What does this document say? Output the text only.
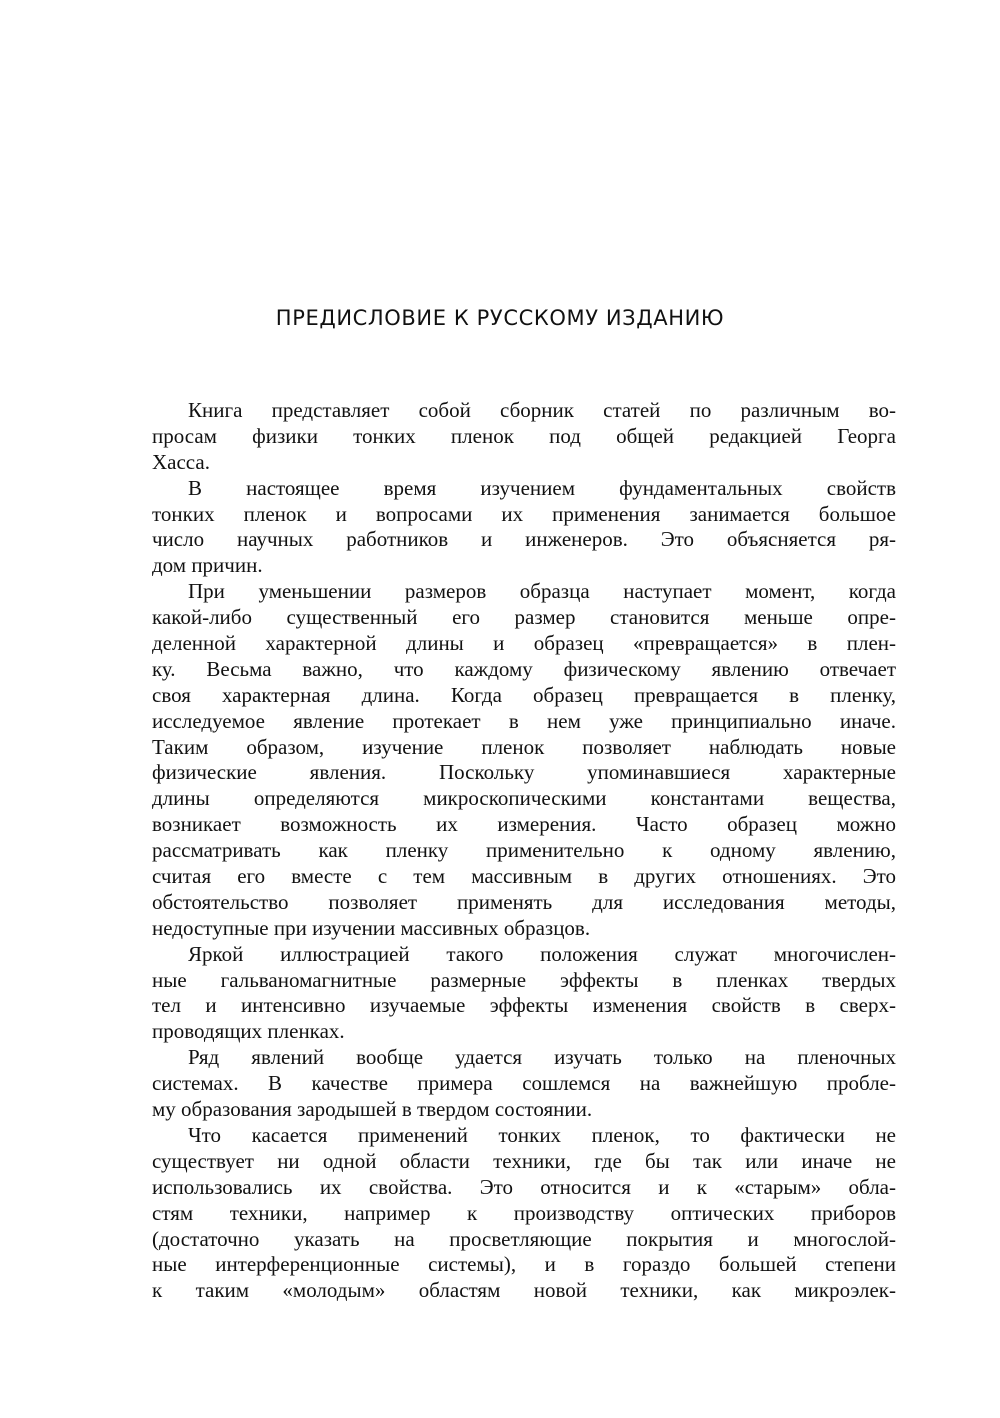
ПРЕДИСЛОВИЕ К РУССКОМУ ИЗДАНИЮ
Книга представляет собой сборник статей по различным во-
просам физики тонких пленок под общей редакцией Георга
Хасса.
В настоящее время изучением фундаментальных свойств
тонких пленок и вопросами их применения занимается большое
число научных работников и инженеров. Это объясняется ря-
дом причин.
При уменьшении размеров образца наступает момент, когда
какой-либо существенный его размер становится меньше опре-
деленной характерной длины и образец «превращается» в плен-
ку. Весьма важно, что каждому физическому явлению отвечает
своя характерная длина. Когда образец превращается в пленку,
исследуемое явление протекает в нем уже принципиально иначе.
Таким образом, изучение пленок позволяет наблюдать новые
физические явления. Поскольку упоминавшиеся характерные
длины определяются микроскопическими константами вещества,
возникает возможность их измерения. Часто образец можно
рассматривать как пленку применительно к одному явлению,
считая его вместе с тем массивным в других отношениях. Это
обстоятельство позволяет применять для исследования методы,
недоступные при изучении массивных образцов.
Яркой иллюстрацией такого положения служат многочислен-
ные гальваномагнитные размерные эффекты в пленках твердых
тел и интенсивно изучаемые эффекты изменения свойств в сверх-
проводящих пленках.
Ряд явлений вообще удается изучать только на пленочных
системах. В качестве примера сошлемся на важнейшую пробле-
му образования зародышей в твердом состоянии.
Что касается применений тонких пленок, то фактически не
существует ни одной области техники, где бы так или иначе не
использовались их свойства. Это относится и к «старым» обла-
стям техники, например к производству оптических приборов
(достаточно указать на просветляющие покрытия и многослой-
ные интерференционные системы), и в гораздо большей степени
к таким «молодым» областям новой техники, как микроэлек-
